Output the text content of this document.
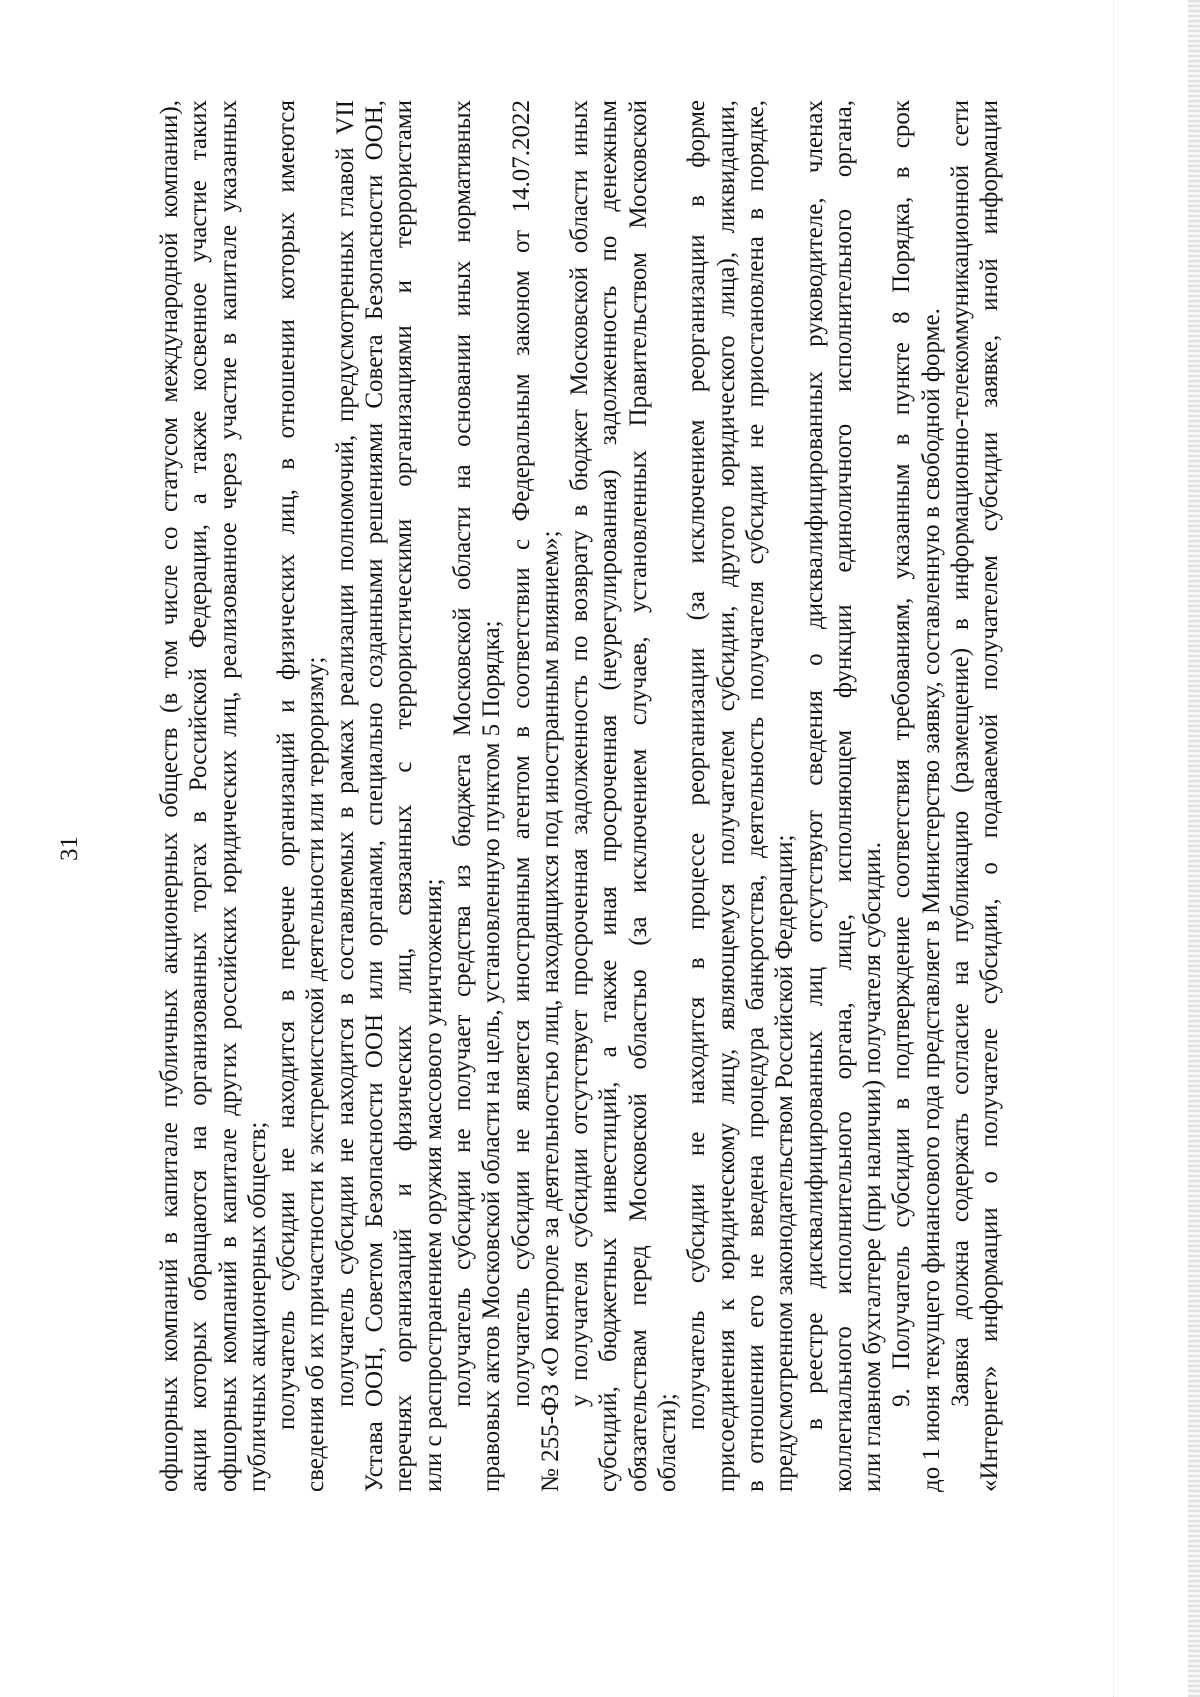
31	офшорных компаний в капитале публичных акционерных обществ (в том числе со статусом международной компании), акции которых обращаются на организованных торгах в Российской Федерации, а также косвенное участие таких офшорных компаний в капитале других российских юридических лиц, реализованное через участие в капитале указанных публичных акционерных обществ; получатель субсидии не находится в перечне организаций и физических лиц, в отношении которых имеются сведения об их причастности к экстремистской деятельности или терроризму; получатель субсидии не находится в составляемых в рамках реализации полномочий, предусмотренных главой VII Устава ООН, Советом Безопасности ООН или органами, специально созданными решениями Совета Безопасности ООН, перечнях организаций и физических лиц, связанных с террористическими организациями и террористами или с распространением оружия массового уничтожения; получатель субсидии не получает средства из бюджета Московской области на основании иных нормативных правовых актов Московской области на цель, установленную пунктом 5 Порядка; получатель субсидии не является иностранным агентом в соответствии с Федеральным законом от 14.07.2022 № 255-ФЗ «О контроле за деятельностью лиц, находящихся под иностранным влиянием»; у получателя субсидии отсутствует просроченная задолженность по возврату в бюджет Московской области иных субсидий, бюджетных инвестиций, а также иная просроченная (неурегулированная) задолженность по денежным обязательствам перед Московской областью (за исключением случаев, установленных Правительством Московской области);
получатель субсидии не находится в процессе реорганизации (за исключением реорганизации в форме присоединения к юридическому лицу, являющемуся получателем субсидии, другого юридического лица), ликвидации, в отношении его не введена процедура банкротства, деятельность получателя субсидии не приостановлена в порядке, предусмотренном законодательством Российской Федерации; в реестре дисквалифицированных лиц отсутствуют сведения о дисквалифицированных руководителе, членах коллегиального исполнительного органа, лице, исполняющем функции единоличного исполнительного органа, или главном бухгалтере (при наличии) получателя субсидии. 9. Получатель субсидии в подтверждение соответствия требованиям, указанным в пункте 8 Порядка, в срок до 1 июня текущего финансового года представляет в Министерство заявку, составленную в свободной форме. Заявка должна содержать согласие на публикацию (размещение) в информационно-телекоммуникационной сети «Интернет» информации о получателе субсидии, о подаваемой получателем субсидии заявке, иной информации
